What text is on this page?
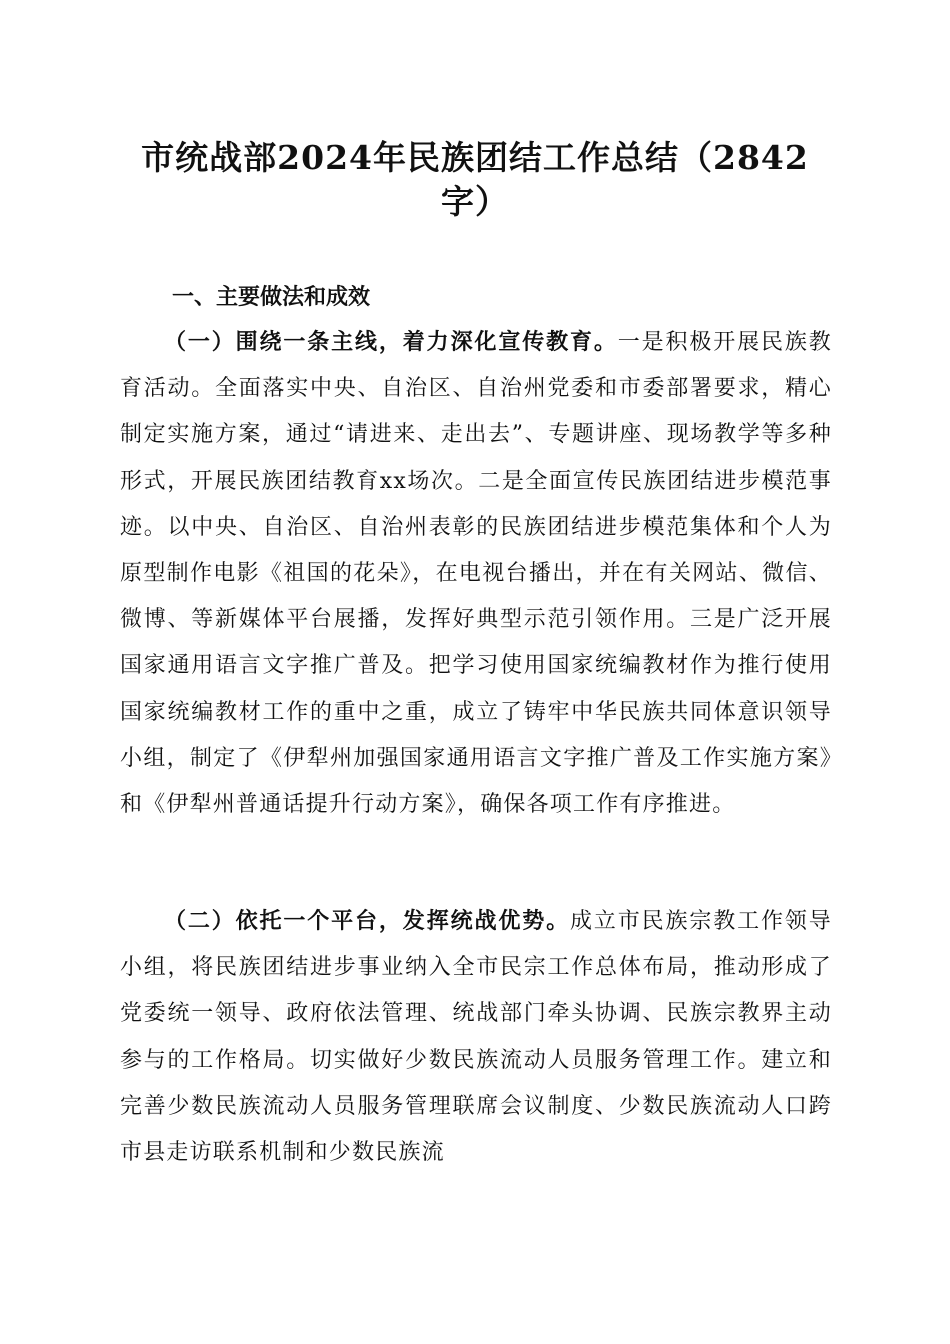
市统战部2024年民族团结工作总结（2842字）
一、主要做法和成效
（一）围绕一条主线，着力深化宣传教育。一是积极开展民族教育活动。全面落实中央、自治区、自治州党委和市委部署要求，精心制定实施方案，通过“请进来、走出去”、专题讲座、现场教学等多种形式，开展民族团结教育xx场次。二是全面宣传民族团结进步模范事迹。以中央、自治区、自治州表彰的民族团结进步模范集体和个人为原型制作电影《祖国的花朵》，在电视台播出，并在有关网站、微信、微博、等新媒体平台展播，发挥好典型示范引领作用。三是广泛开展国家通用语言文字推广普及。把学习使用国家统编教材作为推行使用国家统编教材工作的重中之重，成立了铸牢中华民族共同体意识领导小组，制定了《伊犁州加强国家通用语言文字推广普及工作实施方案》和《伊犁州普通话提升行动方案》，确保各项工作有序推进。
（二）依托一个平台，发挥统战优势。成立市民族宗教工作领导小组，将民族团结进步事业纳入全市民宗工作总体布局，推动形成了党委统一领导、政府依法管理、统战部门牵头协调、民族宗教界主动参与的工作格局。切实做好少数民族流动人员服务管理工作。建立和完善少数民族流动人员服务管理联席会议制度、少数民族流动人口跨市县走访联系机制和少数民族流
